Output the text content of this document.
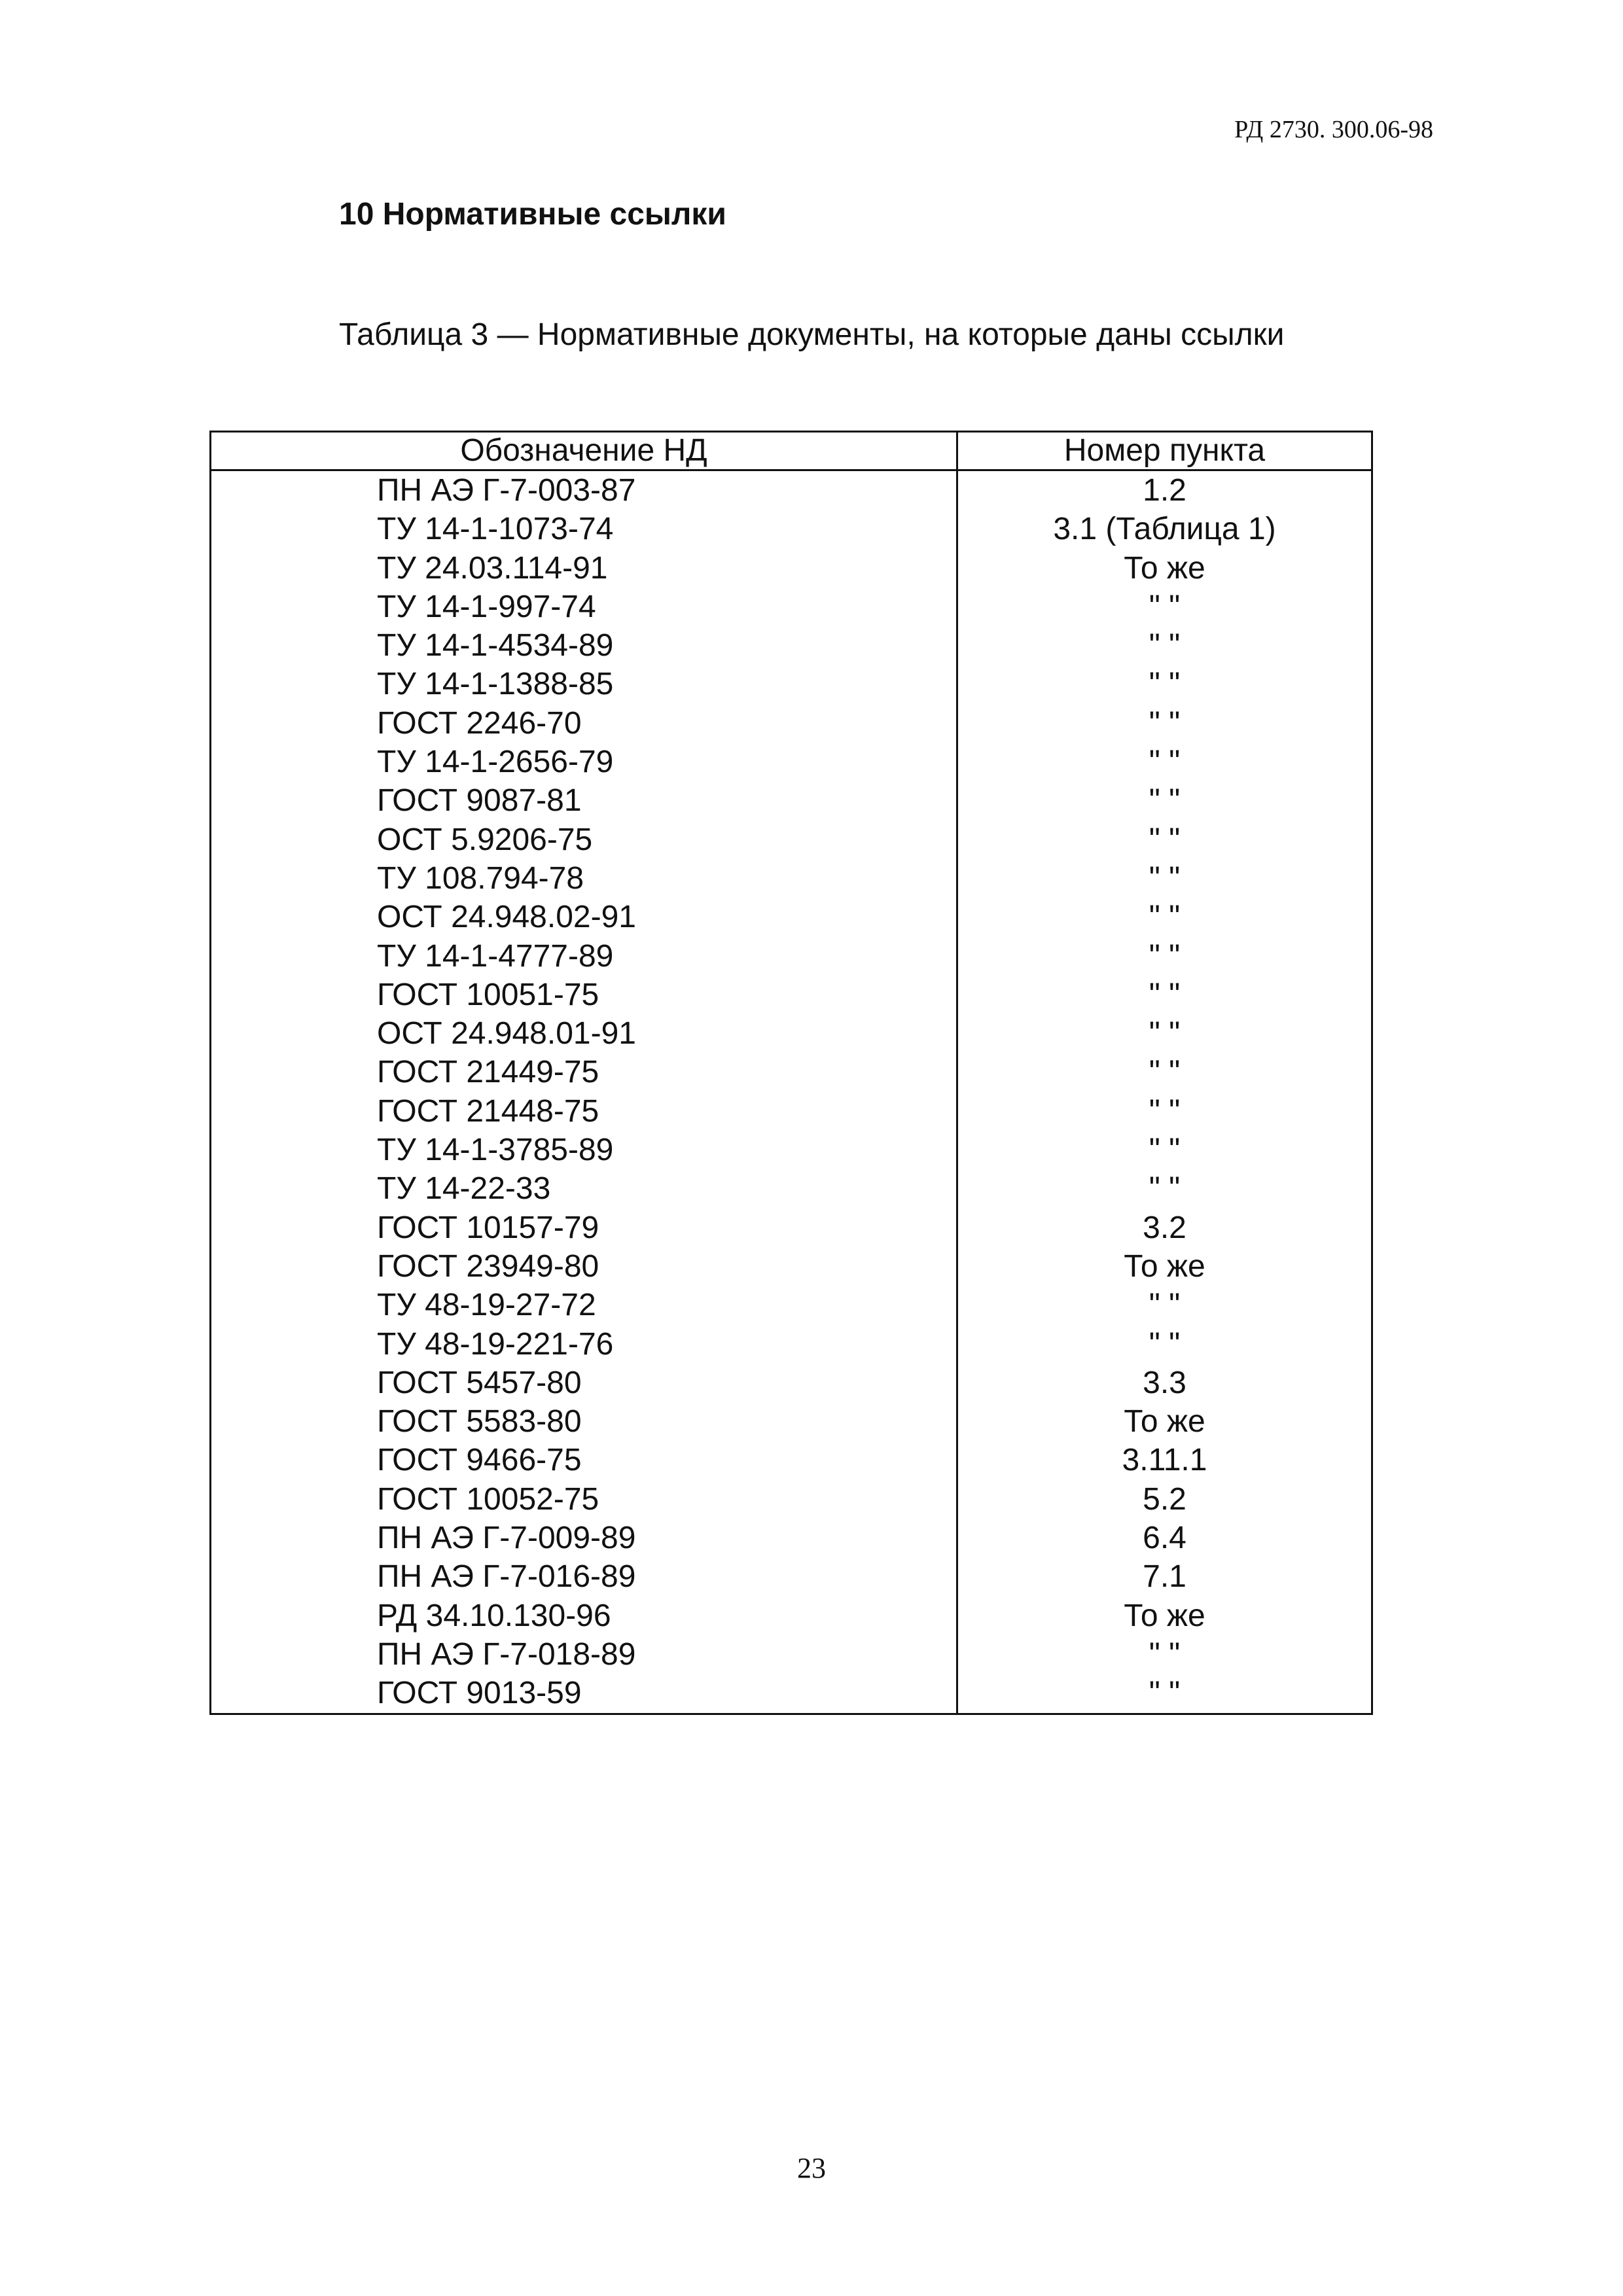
РД 2730. 300.06-98
10 Нормативные ссылки
Таблица 3 — Нормативные документы, на которые даны ссылки
Обозначение НД	Номер пункта
ПН АЭ Г-7-003-87	1.2
ТУ 14-1-1073-74	3.1 (Таблица 1)
ТУ 24.03.114-91	То же
ТУ 14-1-997-74	" "
ТУ 14-1-4534-89	" "
ТУ 14-1-1388-85	" "
ГОСТ 2246-70	" "
ТУ 14-1-2656-79	" "
ГОСТ 9087-81	" "
ОСТ 5.9206-75	" "
ТУ 108.794-78	" "
ОСТ 24.948.02-91	" "
ТУ 14-1-4777-89	" "
ГОСТ 10051-75	" "
ОСТ 24.948.01-91	" "
ГОСТ 21449-75	" "
ГОСТ 21448-75	" "
ТУ 14-1-3785-89	" "
ТУ 14-22-33	" "
ГОСТ 10157-79	3.2
ГОСТ 23949-80	То же
ТУ 48-19-27-72	" "
ТУ 48-19-221-76	" "
ГОСТ 5457-80	3.3
ГОСТ 5583-80	То же
ГОСТ 9466-75	3.11.1
ГОСТ 10052-75	5.2
ПН АЭ Г-7-009-89	6.4
ПН АЭ Г-7-016-89	7.1
РД 34.10.130-96	То же
ПН АЭ Г-7-018-89	" "
ГОСТ 9013-59	" "
23
